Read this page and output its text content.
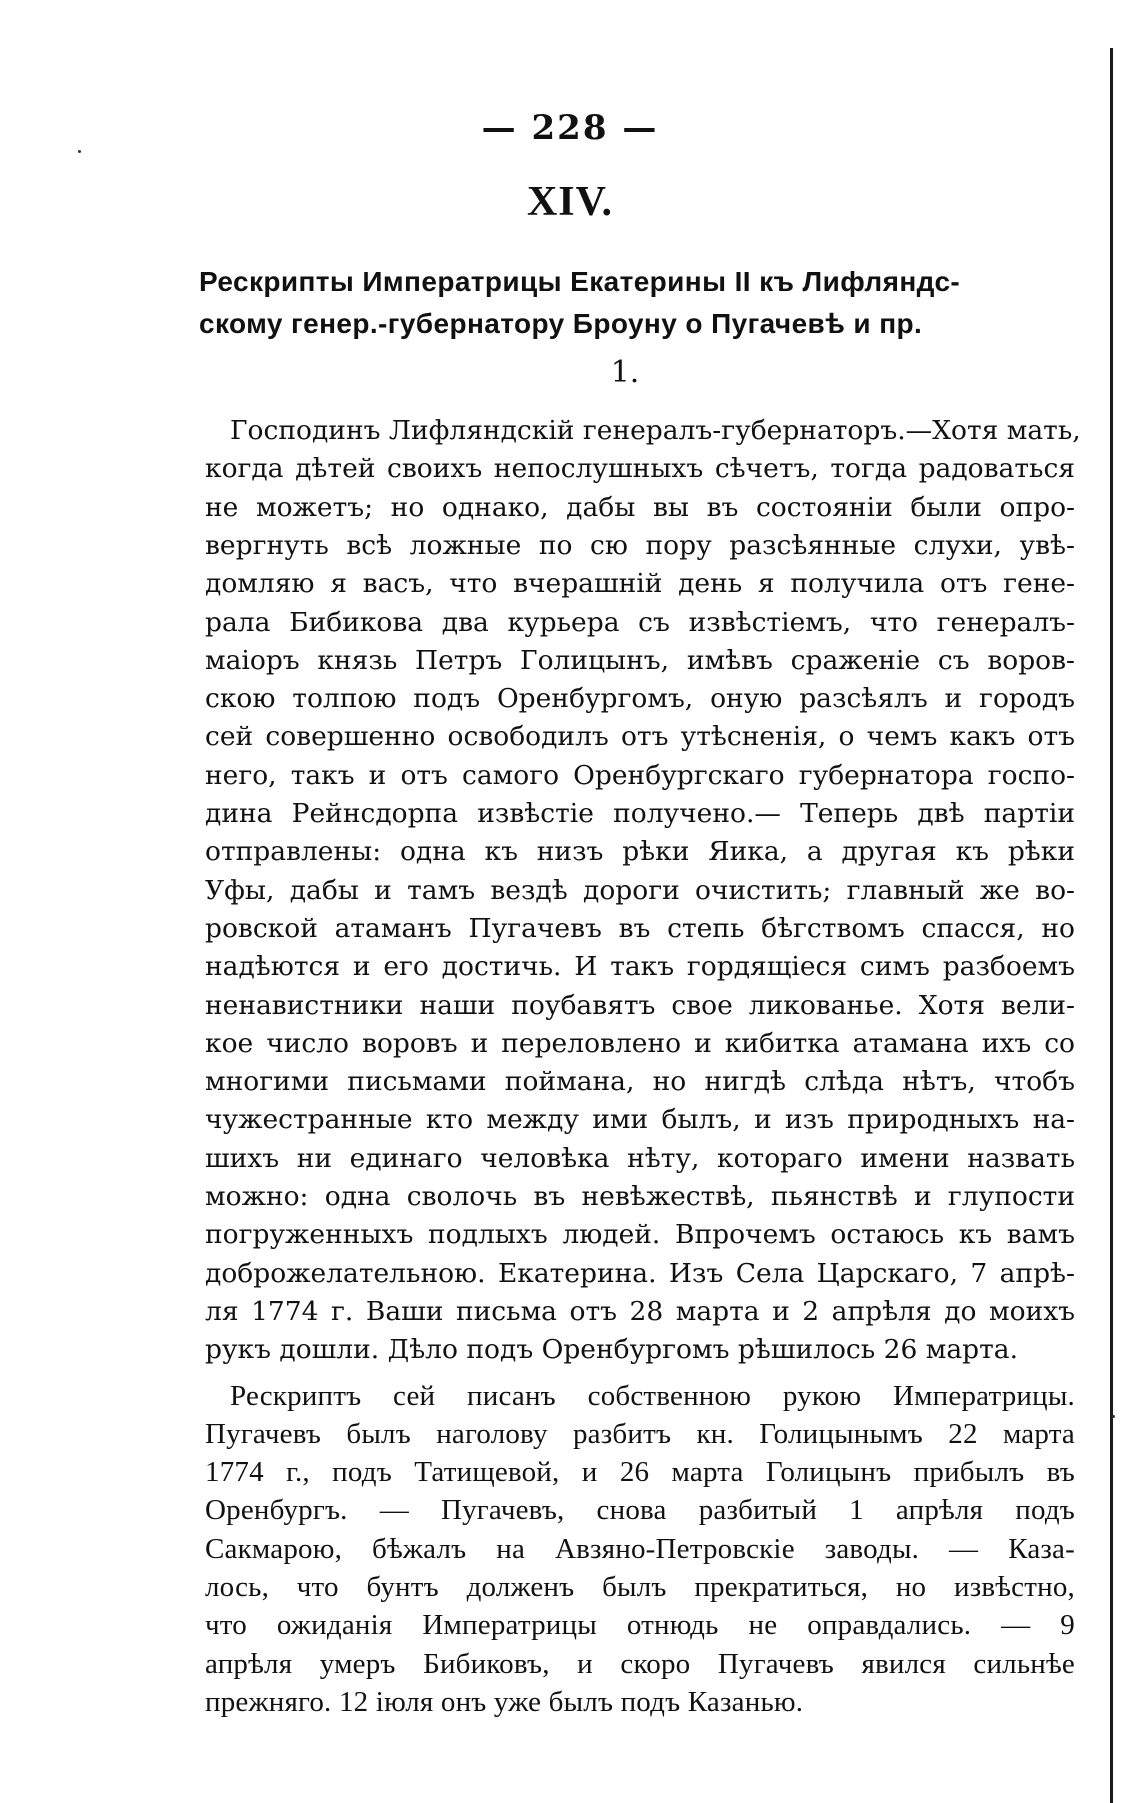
— 228 —
XIV.
Рескрипты Императрицы Екатерины II къ Лифляндс-
скому генер.-губернатору Броуну о Пугачевѣ и пр.
1.
Господинъ Лифляндскій генералъ-губернаторъ.—Хотя мать,
когда дѣтей своихъ непослушныхъ сѣчетъ, тогда радоваться
не можетъ; но однако, дабы вы въ состояніи были опро-
вергнуть всѣ ложные по сю пору разсѣянные слухи, увѣ-
домляю я васъ, что вчерашній день я получила отъ гене-
рала Бибикова два курьера съ извѣстіемъ, что генералъ-
маіоръ князь Петръ Голицынъ, имѣвъ сраженіе съ воров-
скою толпою подъ Оренбургомъ, оную разсѣялъ и городъ
сей совершенно освободилъ отъ утѣсненія, о чемъ какъ отъ
него, такъ и отъ самого Оренбургскаго губернатора госпо-
дина Рейнсдорпа извѣстіе получено.— Теперь двѣ партіи
отправлены: одна къ низъ рѣки Яика, а другая къ рѣки
Уфы, дабы и тамъ вездѣ дороги очистить; главный же во-
ровской атаманъ Пугачевъ въ степь бѣгствомъ спасся, но
надѣются и его достичь. И такъ гордящіеся симъ разбоемъ
ненавистники наши поубавятъ свое ликованье. Хотя вели-
кое число воровъ и переловлено и кибитка атамана ихъ со
многими письмами поймана, но нигдѣ слѣда нѣтъ, чтобъ
чужестранные кто между ими былъ, и изъ природныхъ на-
шихъ ни единаго человѣка нѣту, котораго имени назвать
можно: одна сволочь въ невѣжествѣ, пьянствѣ и глупости
погруженныхъ подлыхъ людей. Впрочемъ остаюсь къ вамъ
доброжелательною. Екатерина. Изъ Села Царскаго, 7 апрѣ-
ля 1774 г. Ваши письма отъ 28 марта и 2 апрѣля до моихъ
рукъ дошли. Дѣло подъ Оренбургомъ рѣшилось 26 марта.
Рескриптъ сей писанъ собственною рукою Императрицы.
Пугачевъ былъ наголову разбитъ кн. Голицынымъ 22 марта
1774 г., подъ Татищевой, и 26 марта Голицынъ прибылъ въ
Оренбургъ. — Пугачевъ, снова разбитый 1 апрѣля подъ
Сакмарою, бѣжалъ на Авзяно-Петровскіе заводы. — Каза-
лось, что бунтъ долженъ былъ прекратиться, но извѣстно,
что ожиданія Императрицы отнюдь не оправдались. — 9
апрѣля умеръ Бибиковъ, и скоро Пугачевъ явился сильнѣе
прежняго. 12 іюля онъ уже былъ подъ Казанью.
